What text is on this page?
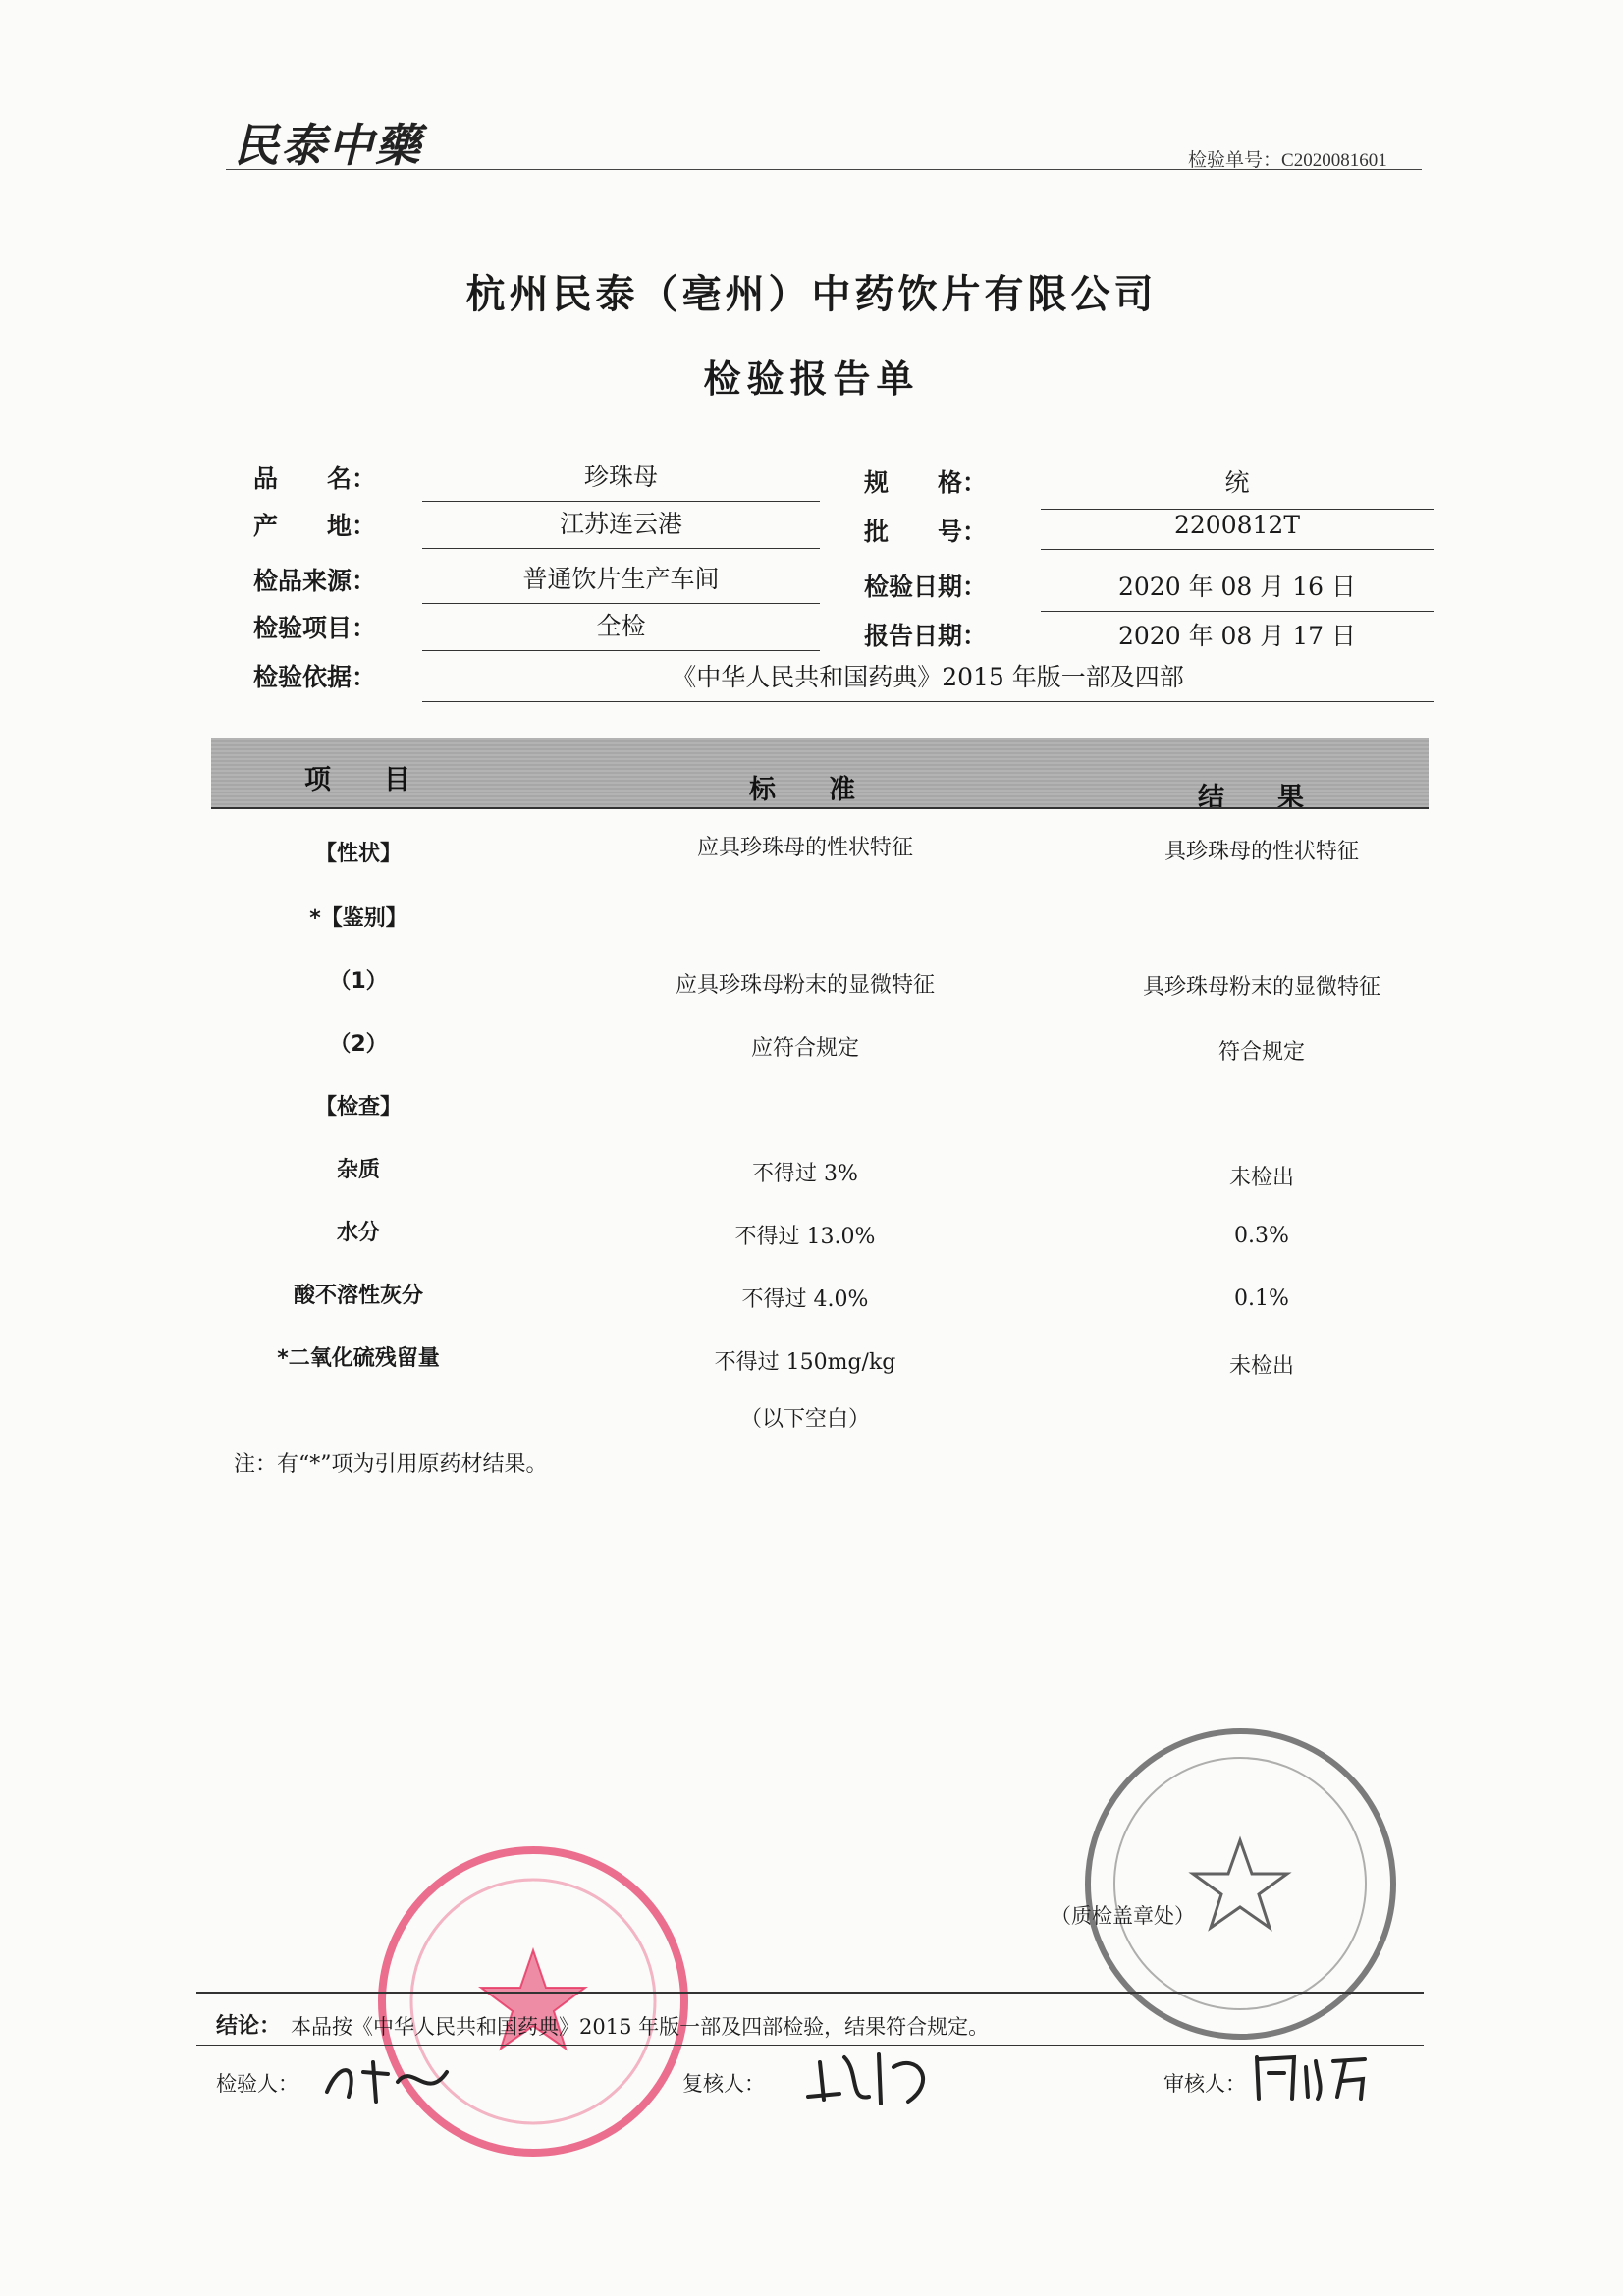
民泰中藥	检验单号：C2020081601
杭州民泰（亳州）中药饮片有限公司
检验报告单
品　　名：	珍珠母
产　　地：	江苏连云港
检品来源：	普通饮片生产车间
检验项目：	全检
检验依据：	《中华人民共和国药典》2015 年版一部及四部
规　　格：	统
批　　号：	2200812T
检验日期：	2020 年 08 月 16 日
报告日期：	2020 年 08 月 17 日
项　　目	标　　准	结　　果
【性状】	应具珍珠母的性状特征	具珍珠母的性状特征
*【鉴别】
（1）	应具珍珠母粉末的显微特征	具珍珠母粉末的显微特征
（2）	应符合规定	符合规定
【检查】
杂质	不得过 3%	未检出
水分	不得过 13.0%	0.3%
酸不溶性灰分	不得过 4.0%	0.1%
*二氧化硫残留量	不得过 150mg/kg	未检出
（以下空白）
注：有“*”项为引用原药材结果。
（质检盖章处）
结论： 本品按《中华人民共和国药典》2015 年版一部及四部检验，结果符合规定。
检验人：	复核人：	审核人：
